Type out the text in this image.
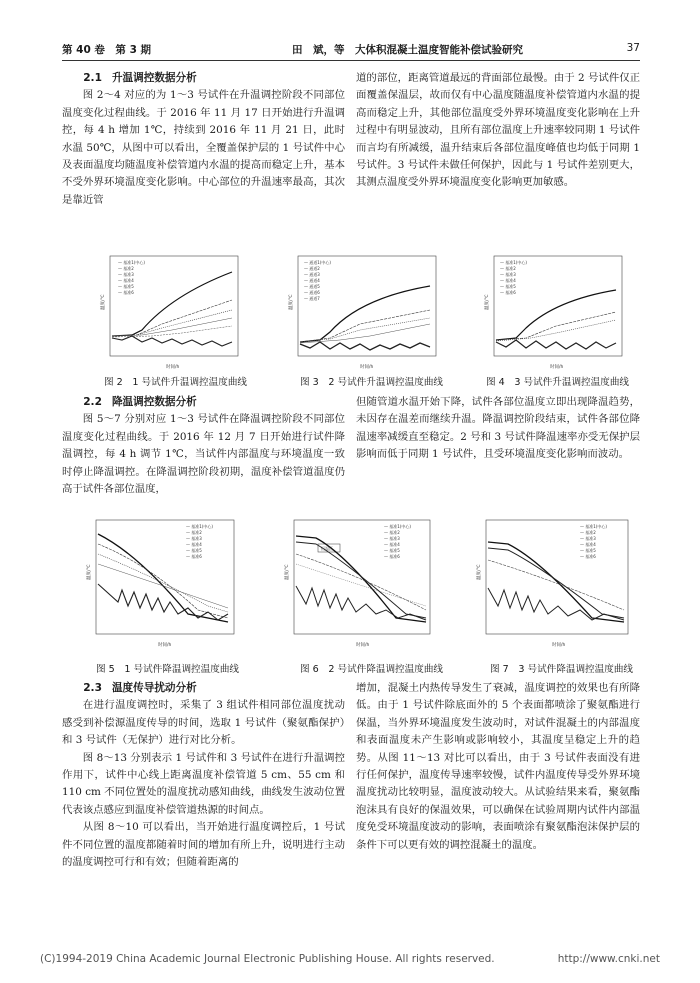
第 40 卷　第 3 期	田　斌，等　大体积混凝土温度智能补偿试验研究	37

2.1 升温调控数据分析

图 2～4 对应的为 1～3 号试件在升温调控阶段不同部位温度变化过程曲线。于 2016 年 11 月 17 日开始进行升温调控，每 4 h 增加 1℃，持续到 2016 年 11 月 21 日，此时水温 50℃，从图中可以看出，全覆盖保护层的 1 号试件中心及表面温度均随温度补偿管道内水温的提高而稳定上升，基本不受外界环境温度变化影响。中心部位的升温速率最高，其次是靠近管

道的部位，距离管道最远的背面部位最慢。由于 2 号试件仅正面覆盖保温层，故而仅有中心温度随温度补偿管道内水温的提高而稳定上升，其他部位温度受外界环境温度变化影响在上升过程中有明显波动，且所有部位温度上升速率较同期 1 号试件而言均有所减缓，温升结束后各部位温度峰值也均低于同期 1 号试件。3 号试件未做任何保护，因此与 1 号试件差别更大，其测点温度受外界环境温度变化影响更加敏感。

— 基准1(中心)
— 基准2
— 基准3
— 基准4
— 基准5
— 基准6
温度/℃
时间/h
图 2　1 号试件升温调控温度曲线
— 通道1(中心)
— 通道2
— 通道3
— 通道4
— 通道5
— 通道6
— 通道7
温度/℃
时间/h
图 3　2 号试件升温调控温度曲线
— 基准1(中心)
— 基准2
— 基准3
— 基准4
— 基准5
— 基准6
温度/℃
时间/h
图 4　3 号试件升温调控温度曲线

2.2 降温调控数据分析

图 5～7 分别对应 1～3 号试件在降温调控阶段不同部位温度变化过程曲线。于 2016 年 12 月 7 日开始进行试件降温调控，每 4 h 调节 1℃，当试件内部温度与环境温度一致时停止降温调控。在降温调控阶段初期，温度补偿管道温度仍高于试件各部位温度，

但随管道水温开始下降，试件各部位温度立即出现降温趋势，未因存在温差而继续升温。降温调控阶段结束，试件各部位降温速率减缓直至稳定。2 号和 3 号试件降温速率亦受无保护层影响而低于同期 1 号试件，且受环境温度变化影响而波动。

— 基准1(中心)
— 基准2
— 基准3
— 基准4
— 基准5
— 基准6
温度/℃
时间/h
图 5　1 号试件降温调控温度曲线
— 基准1(中心)
— 基准2
— 基准3
— 基准4
— 基准5
— 基准6
恒温区
温度/℃
时间/h
图 6　2 号试件降温调控温度曲线
— 基准1(中心)
— 基准2
— 基准3
— 基准4
— 基准5
— 基准6
温度/℃
时间/h
图 7　3 号试件降温调控温度曲线

2.3 温度传导扰动分析

在进行温度调控时，采集了 3 组试件相同部位温度扰动感受到补偿源温度传导的时间，选取 1 号试件（聚氨酯保护）和 3 号试件（无保护）进行对比分析。

图 8～13 分别表示 1 号试件和 3 号试件在进行升温调控作用下，试件中心线上距离温度补偿管道 5 cm、55 cm 和 110 cm 不同位置处的温度扰动感知曲线，曲线发生波动位置代表该点感应到温度补偿管道热源的时间点。

从图 8～10 可以看出，当开始进行温度调控后，1 号试件不同位置的温度都随着时间的增加有所上升，说明进行主动的温度调控可行和有效；但随着距离的

增加，混凝土内热传导发生了衰减，温度调控的效果也有所降低。由于 1 号试件除底面外的 5 个表面都喷涂了聚氨酯进行保温，当外界环境温度发生波动时，对试件混凝土的内部温度和表面温度未产生影响或影响较小，其温度呈稳定上升的趋势。从图 11～13 对比可以看出，由于 3 号试件表面没有进行任何保护，温度传导速率较慢，试件内温度传导受外界环境温度扰动比较明显，温度波动较大。从试验结果来看，聚氨酯泡沫具有良好的保温效果，可以确保在试验周期内试件内部温度免受环境温度波动的影响，表面喷涂有聚氨酯泡沫保护层的条件下可以更有效的调控混凝土的温度。

(C)1994-2019 China Academic Journal Electronic Publishing House. All rights reserved.	http://www.cnki.net
